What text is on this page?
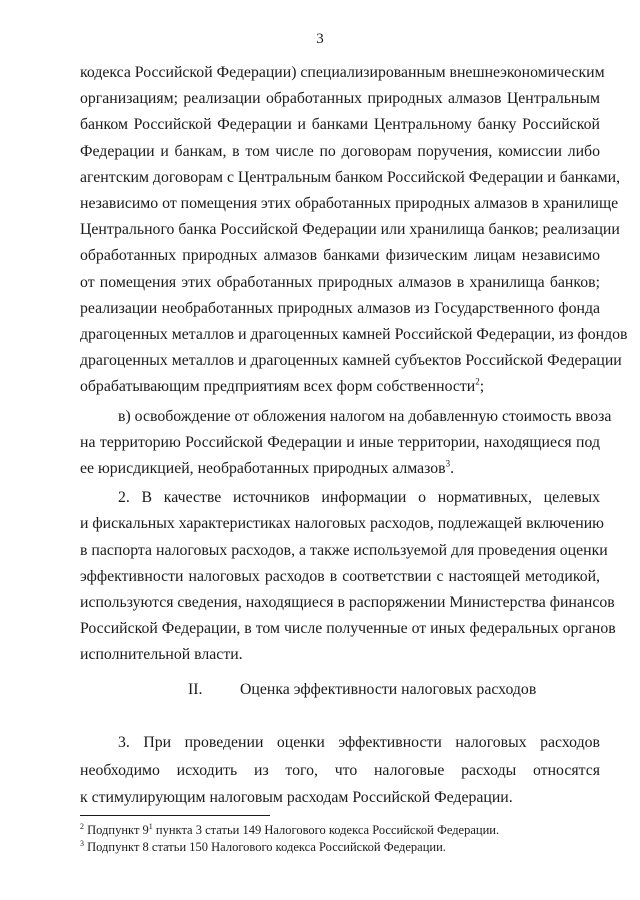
3
кодекса Российской Федерации) специализированным внешнеэкономическим
организациям; реализации обработанных природных алмазов Центральным
банком Российской Федерации и банками Центральному банку Российской
Федерации и банкам, в том числе по договорам поручения, комиссии либо
агентским договорам с Центральным банком Российской Федерации и банками,
независимо от помещения этих обработанных природных алмазов в хранилище
Центрального банка Российской Федерации или хранилища банков; реализации
обработанных природных алмазов банками физическим лицам независимо
от помещения этих обработанных природных алмазов в хранилища банков;
реализации необработанных природных алмазов из Государственного фонда
драгоценных металлов и драгоценных камней Российской Федерации, из фондов
драгоценных металлов и драгоценных камней субъектов Российской Федерации
обрабатывающим предприятиям всех форм собственности$^2$;
в) освобождение от обложения налогом на добавленную стоимость ввоза
на территорию Российской Федерации и иные территории, находящиеся под
ее юрисдикцией, необработанных природных алмазов$^3$.
2. В качестве источников информации о нормативных, целевых
и фискальных характеристиках налоговых расходов, подлежащей включению
в паспорта налоговых расходов, а также используемой для проведения оценки
эффективности налоговых расходов в соответствии с настоящей методикой,
используются сведения, находящиеся в распоряжении Министерства финансов
Российской Федерации, в том числе полученные от иных федеральных органов
исполнительной власти.
II. Оценка эффективности налоговых расходов
3. При проведении оценки эффективности налоговых расходов
необходимо исходить из того, что налоговые расходы относятся
к стимулирующим налоговым расходам Российской Федерации.
$^2$ Подпункт $9^1$ пункта 3 статьи 149 Налогового кодекса Российской Федерации.
$^3$ Подпункт 8 статьи 150 Налогового кодекса Российской Федерации.
